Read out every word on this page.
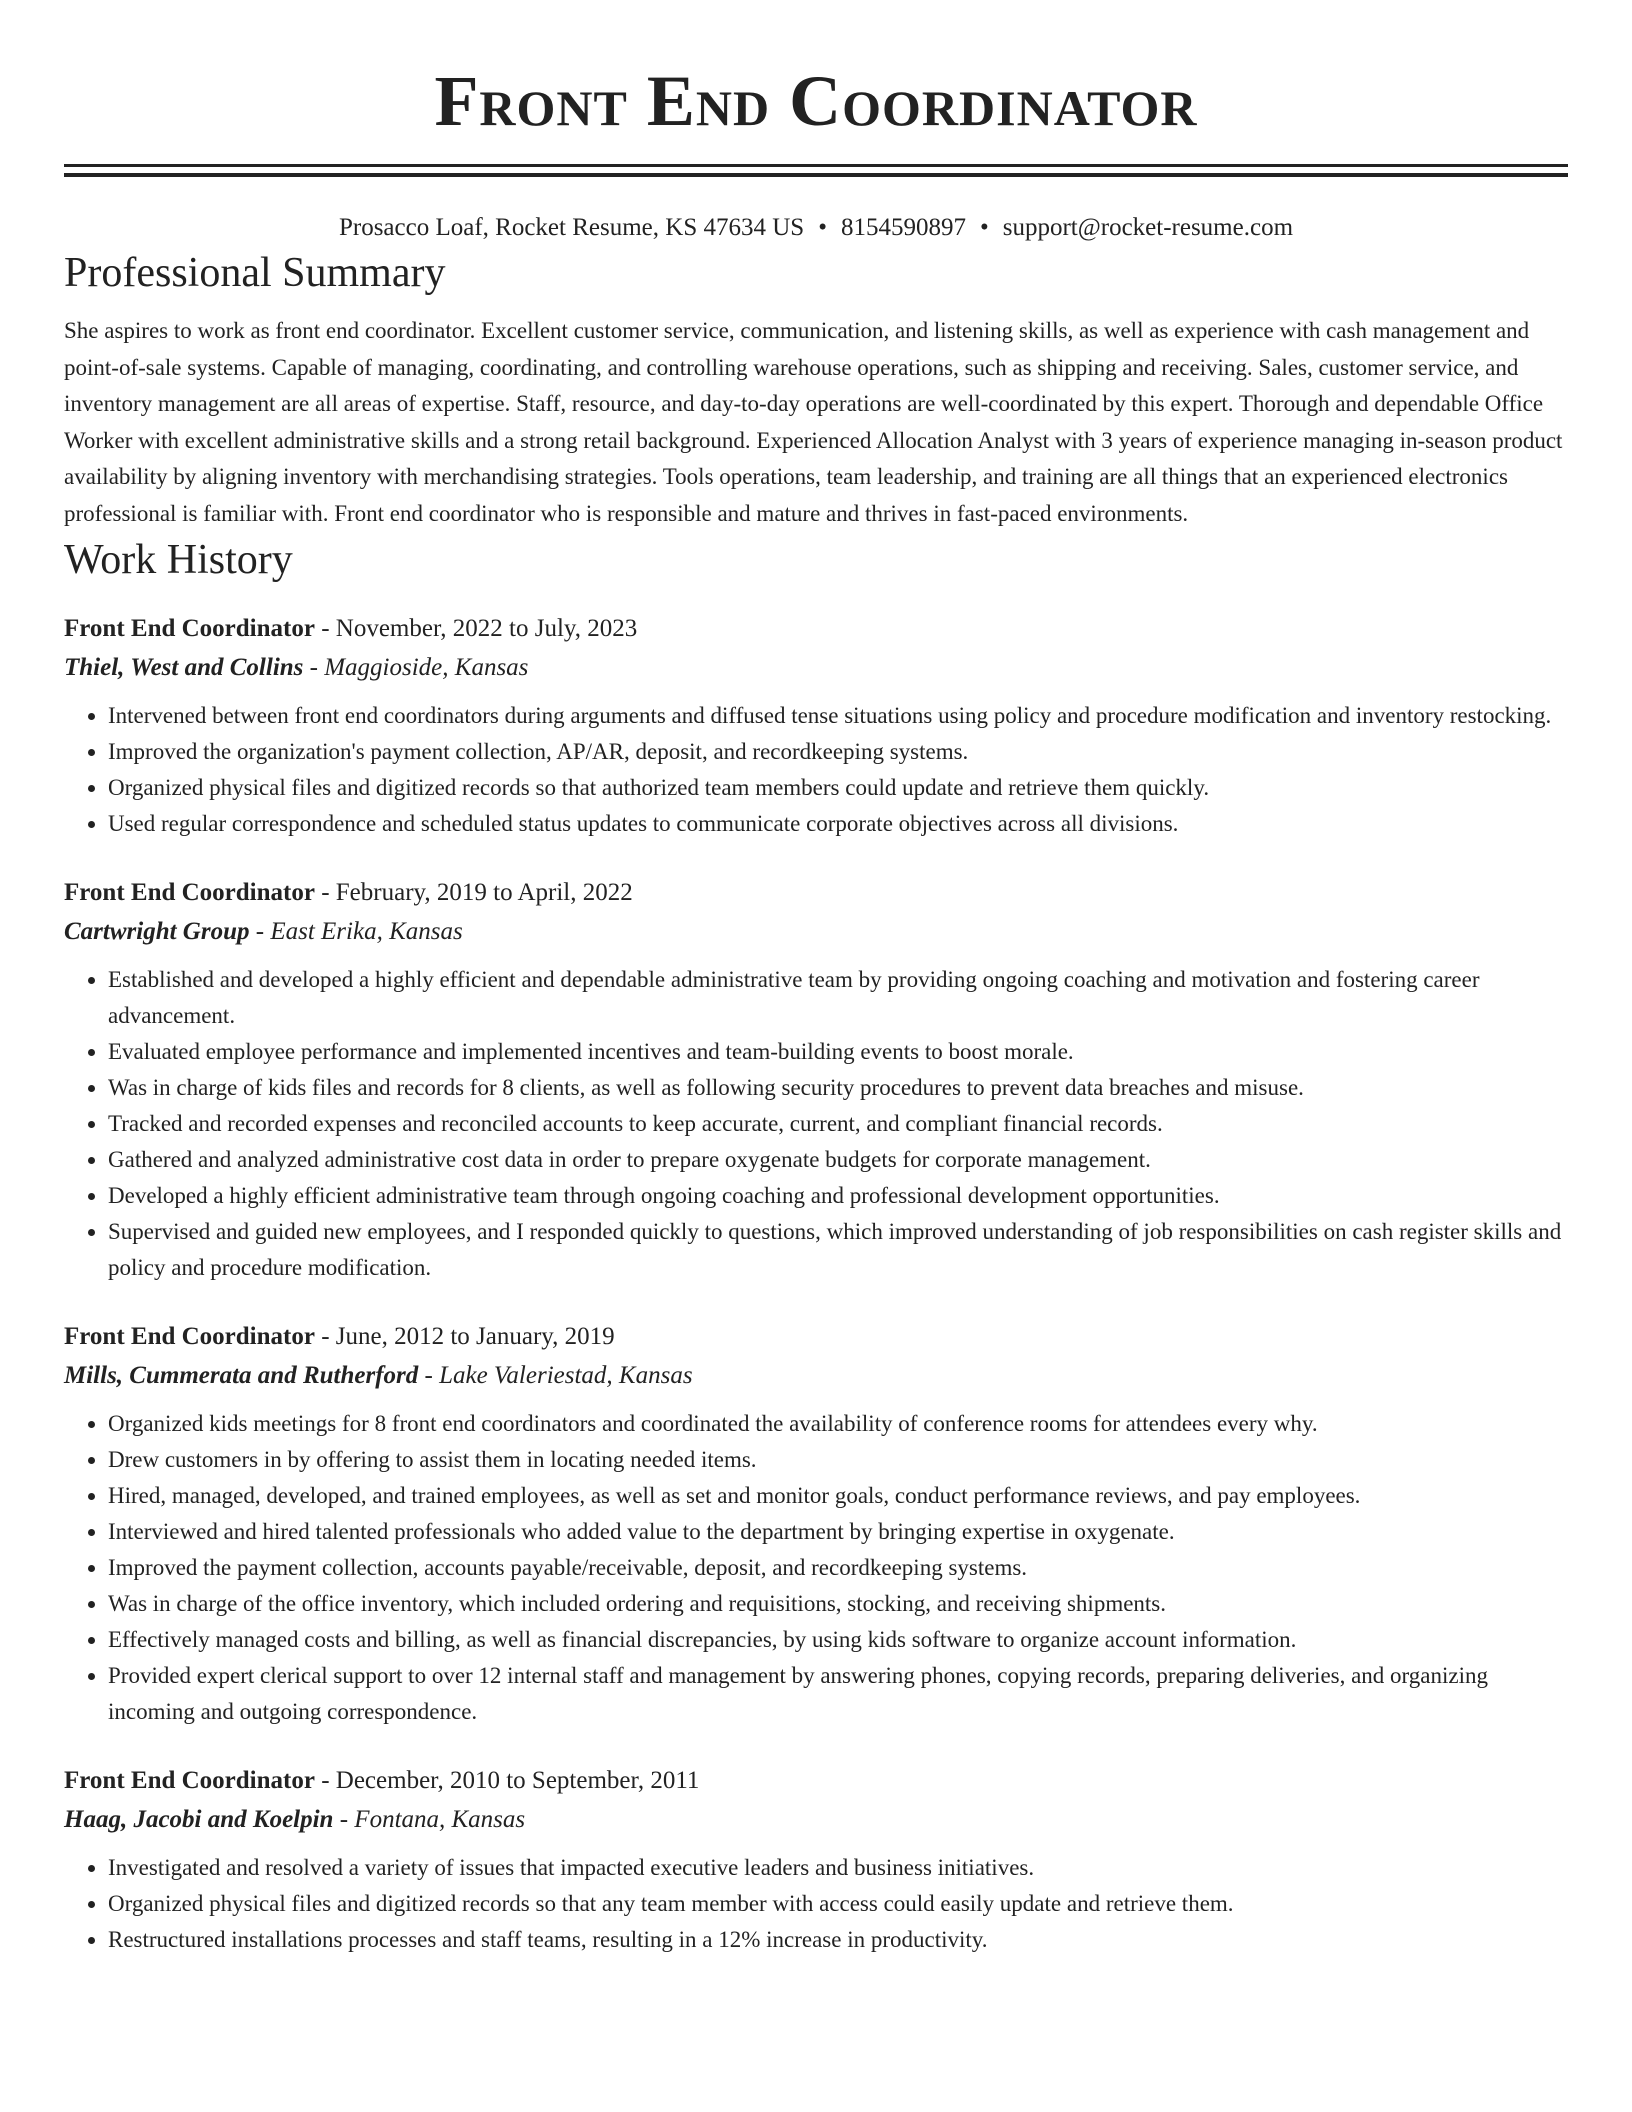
Front End Coordinator
Prosacco Loaf, Rocket Resume, KS 47634 US • 8154590897 • support@rocket-resume.com
Professional Summary

She aspires to work as front end coordinator. Excellent customer service, communication, and listening skills, as well as experience with cash management and point-of-sale systems. Capable of managing, coordinating, and controlling warehouse operations, such as shipping and receiving. Sales, customer service, and inventory management are all areas of expertise. Staff, resource, and day-to-day operations are well-coordinated by this expert. Thorough and dependable Office Worker with excellent administrative skills and a strong retail background. Experienced Allocation Analyst with 3 years of experience managing in-season product availability by aligning inventory with merchandising strategies. Tools operations, team leadership, and training are all things that an experienced electronics professional is familiar with. Front end coordinator who is responsible and mature and thrives in fast-paced environments.

Work History
Front End Coordinator - November, 2022 to July, 2023
Thiel, West and Collins - Maggioside, Kansas
• Intervened between front end coordinators during arguments and diffused tense situations using policy and procedure modification and inventory restocking.
• Improved the organization's payment collection, AP/AR, deposit, and recordkeeping systems.
• Organized physical files and digitized records so that authorized team members could update and retrieve them quickly.
• Used regular correspondence and scheduled status updates to communicate corporate objectives across all divisions.
Front End Coordinator - February, 2019 to April, 2022
Cartwright Group - East Erika, Kansas
• Established and developed a highly efficient and dependable administrative team by providing ongoing coaching and motivation and fostering career advancement.
• Evaluated employee performance and implemented incentives and team-building events to boost morale.
• Was in charge of kids files and records for 8 clients, as well as following security procedures to prevent data breaches and misuse.
• Tracked and recorded expenses and reconciled accounts to keep accurate, current, and compliant financial records.
• Gathered and analyzed administrative cost data in order to prepare oxygenate budgets for corporate management.
• Developed a highly efficient administrative team through ongoing coaching and professional development opportunities.
• Supervised and guided new employees, and I responded quickly to questions, which improved understanding of job responsibilities on cash register skills and policy and procedure modification.
Front End Coordinator - June, 2012 to January, 2019
Mills, Cummerata and Rutherford - Lake Valeriestad, Kansas
• Organized kids meetings for 8 front end coordinators and coordinated the availability of conference rooms for attendees every why.
• Drew customers in by offering to assist them in locating needed items.
• Hired, managed, developed, and trained employees, as well as set and monitor goals, conduct performance reviews, and pay employees.
• Interviewed and hired talented professionals who added value to the department by bringing expertise in oxygenate.
• Improved the payment collection, accounts payable/receivable, deposit, and recordkeeping systems.
• Was in charge of the office inventory, which included ordering and requisitions, stocking, and receiving shipments.
• Effectively managed costs and billing, as well as financial discrepancies, by using kids software to organize account information.
• Provided expert clerical support to over 12 internal staff and management by answering phones, copying records, preparing deliveries, and organizing incoming and outgoing correspondence.
Front End Coordinator - December, 2010 to September, 2011
Haag, Jacobi and Koelpin - Fontana, Kansas
• Investigated and resolved a variety of issues that impacted executive leaders and business initiatives.
• Organized physical files and digitized records so that any team member with access could easily update and retrieve them.
• Restructured installations processes and staff teams, resulting in a 12% increase in productivity.
